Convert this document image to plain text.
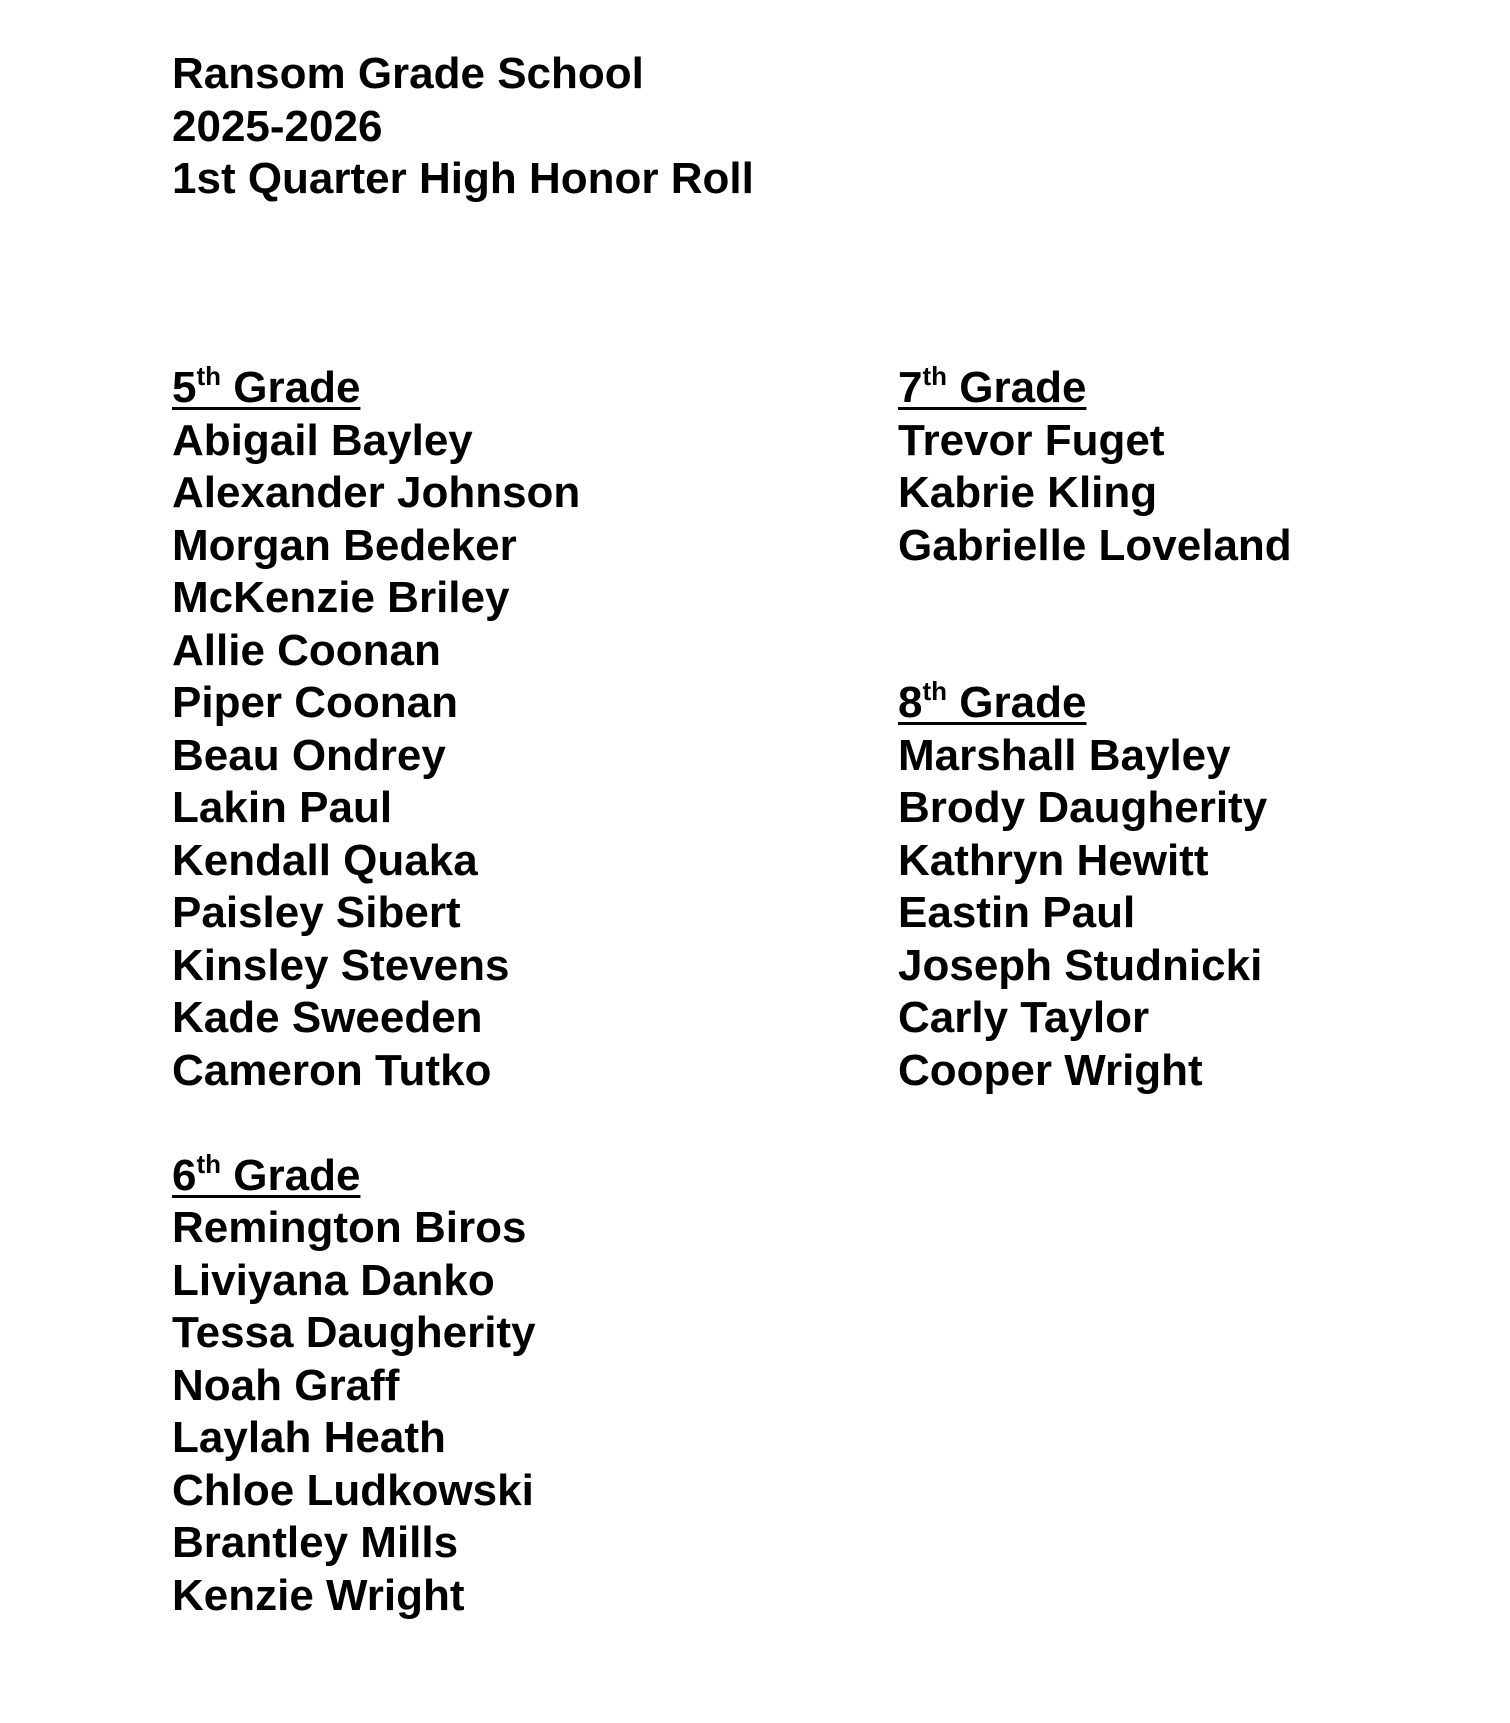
Ransom Grade School

2025-2026

1st Quarter High Honor Roll

5th Grade

Abigail Bayley

Alexander Johnson

Morgan Bedeker

McKenzie Briley

Allie Coonan

Piper Coonan

Beau Ondrey

Lakin Paul

Kendall Quaka

Paisley Sibert

Kinsley Stevens

Kade Sweeden

Cameron Tutko

6th Grade

Remington Biros

Liviyana Danko

Tessa Daugherity

Noah Graff

Laylah Heath

Chloe Ludkowski

Brantley Mills

Kenzie Wright

7th Grade

Trevor Fuget

Kabrie Kling

Gabrielle Loveland

8th Grade

Marshall Bayley

Brody Daugherity

Kathryn Hewitt

Eastin Paul

Joseph Studnicki

Carly Taylor

Cooper Wright
